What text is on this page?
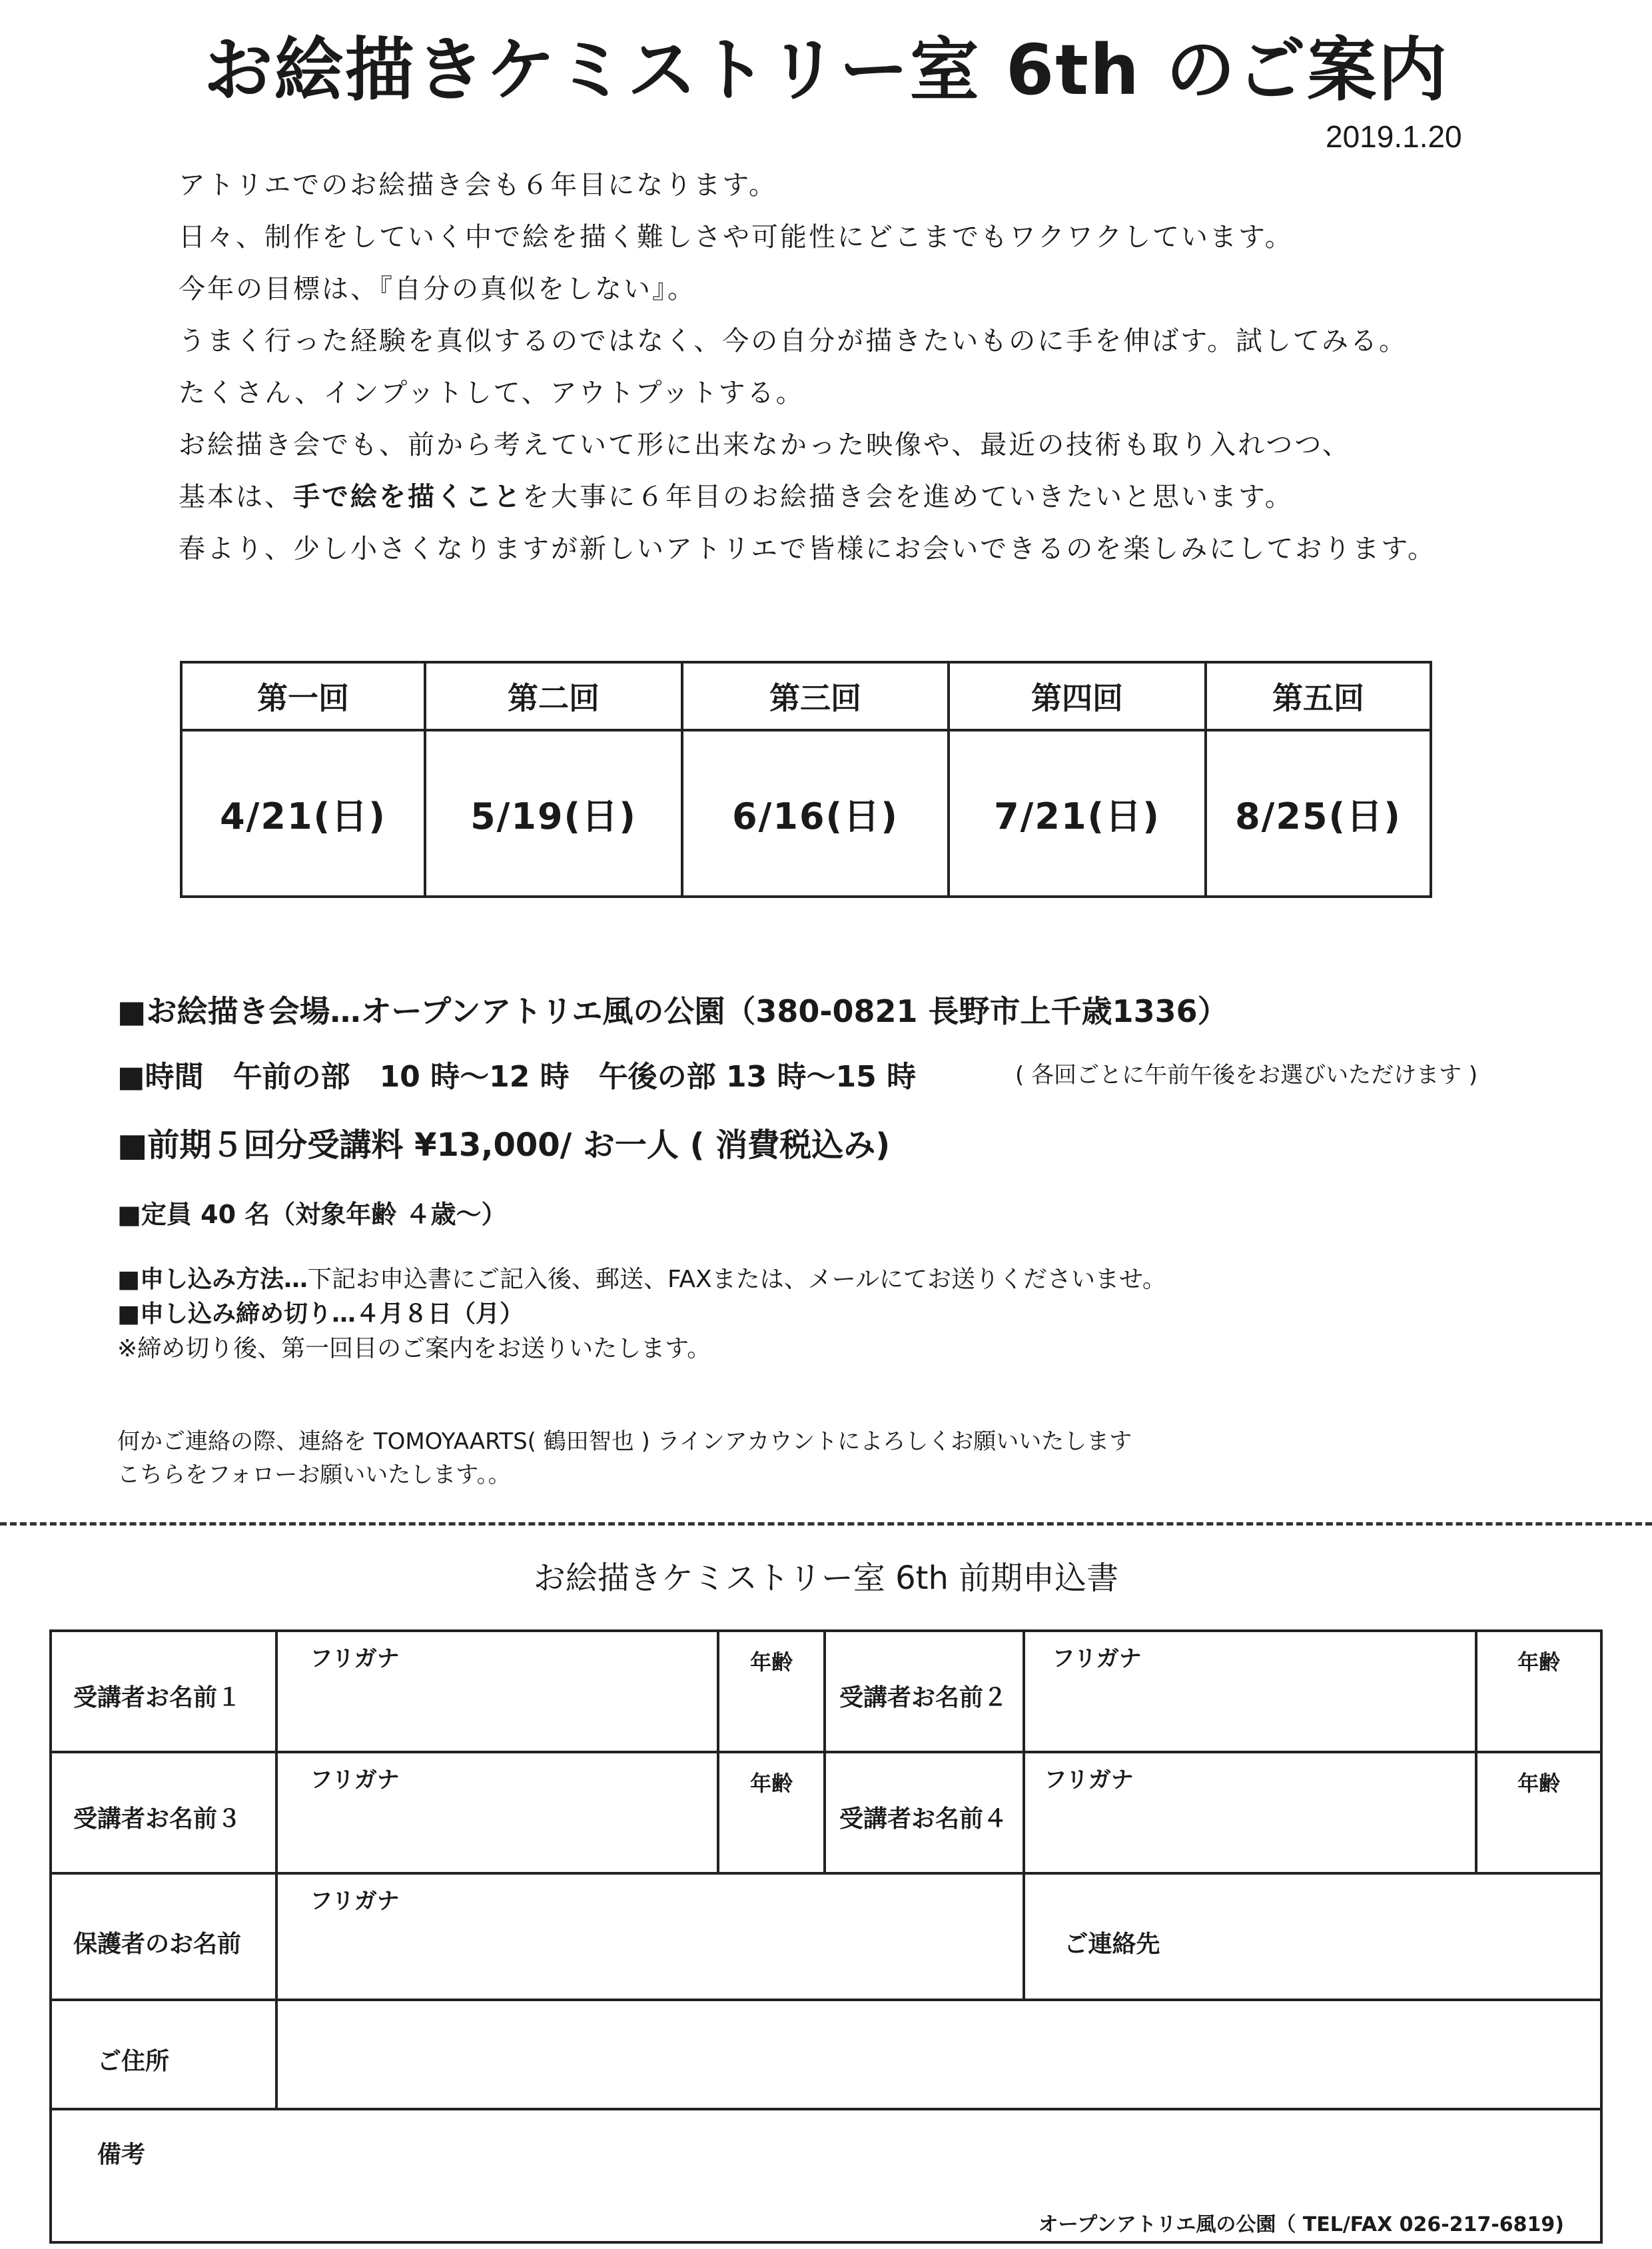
お絵描きケミストリー室 6th のご案内
2019.1.20
アトリエでのお絵描き会も６年目になります。
日々、制作をしていく中で絵を描く難しさや可能性にどこまでもワクワクしています。
今年の目標は、『自分の真似をしない』。
うまく行った経験を真似するのではなく、今の自分が描きたいものに手を伸ばす。試してみる。
たくさん、インプットして、アウトプットする。
お絵描き会でも、前から考えていて形に出来なかった映像や、最近の技術も取り入れつつ、
基本は、手で絵を描くことを大事に６年目のお絵描き会を進めていきたいと思います。
春より、少し小さくなりますが新しいアトリエで皆様にお会いできるのを楽しみにしております。
第一回	第二回	第三回	第四回	第五回
4/21(日)	5/19(日)	6/16(日)	7/21(日)	8/25(日)
■お絵描き会場…オープンアトリエ風の公園（380-0821 長野市上千歳1336）
■時間　午前の部　10 時〜12 時　午後の部 13 時〜15 時	( 各回ごとに午前午後をお選びいただけます )
■前期５回分受講料 ¥13,000/ お一人 ( 消費税込み)
■定員 40 名（対象年齢 ４歳〜）
■申し込み方法…下記お申込書にご記入後、郵送、FAXまたは、メールにてお送りくださいませ。
■申し込み締め切り…４月８日（月）
※締め切り後、第一回目のご案内をお送りいたします。
何かご連絡の際、連絡を TOMOYAARTS( 鶴田智也 ) ラインアカウントによろしくお願いいたします
こちらをフォローお願いいたします。。
お絵描きケミストリー室 6th 前期申込書
受講者お名前１	フリガナ	年齢	受講者お名前２	フリガナ	年齢

受講者お名前３	フリガナ	年齢	受講者お名前４	フリガナ	年齢

保護者のお名前	フリガナ			ご連絡先	

ご住所					

備考					
オープンアトリエ風の公園（ TEL/FAX 026-217-6819)
